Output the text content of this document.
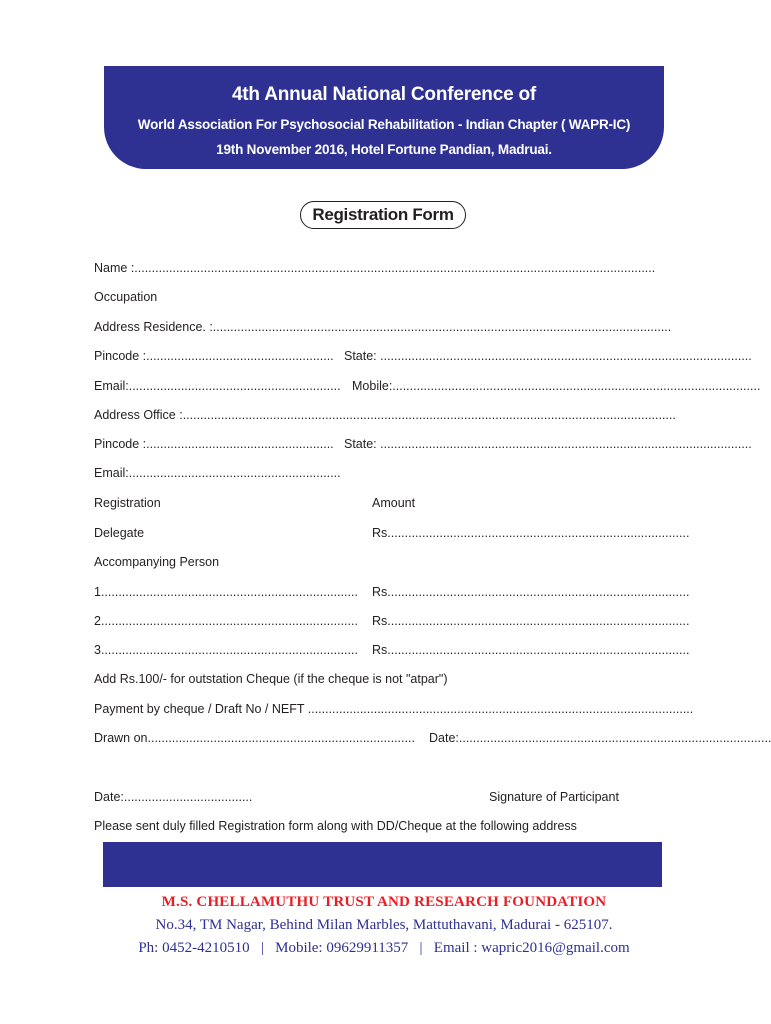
4th Annual National Conference of
World Association For Psychosocial Rehabilitation - Indian Chapter ( WAPR-IC)
19th November 2016, Hotel Fortune Pandian, Madruai.
Registration Form
Name :......................................................................................................................................................
Occupation
Address Residence. :....................................................................................................................................
Pincode :...................................................... State: ...........................................................................................................
Email:............................................................. Mobile:..........................................................................................................
Address Office :..............................................................................................................................................
Pincode :...................................................... State: ...........................................................................................................
Email:.............................................................
Registration	Amount
Delegate	Rs.......................................................................................
Accompanying Person
1.......................................................................... Rs.......................................................................................
2.......................................................................... Rs.......................................................................................
3.......................................................................... Rs.......................................................................................
Add Rs.100/- for outstation Cheque (if the cheque is not "atpar")
Payment by cheque / Draft No / NEFT ...............................................................................................................
Drawn on.............................................................................	Date:..........................................................................................
Date:.....................................	Signature of Participant
Please sent duly filled Registration form along with DD/Cheque at the following address
M.S. CHELLAMUTHU TRUST AND RESEARCH FOUNDATION
No.34, TM Nagar, Behind Milan Marbles, Mattuthavani, Madurai - 625107.
Ph: 0452-4210510   |   Mobile: 09629911357   |   Email : wapric2016@gmail.com
